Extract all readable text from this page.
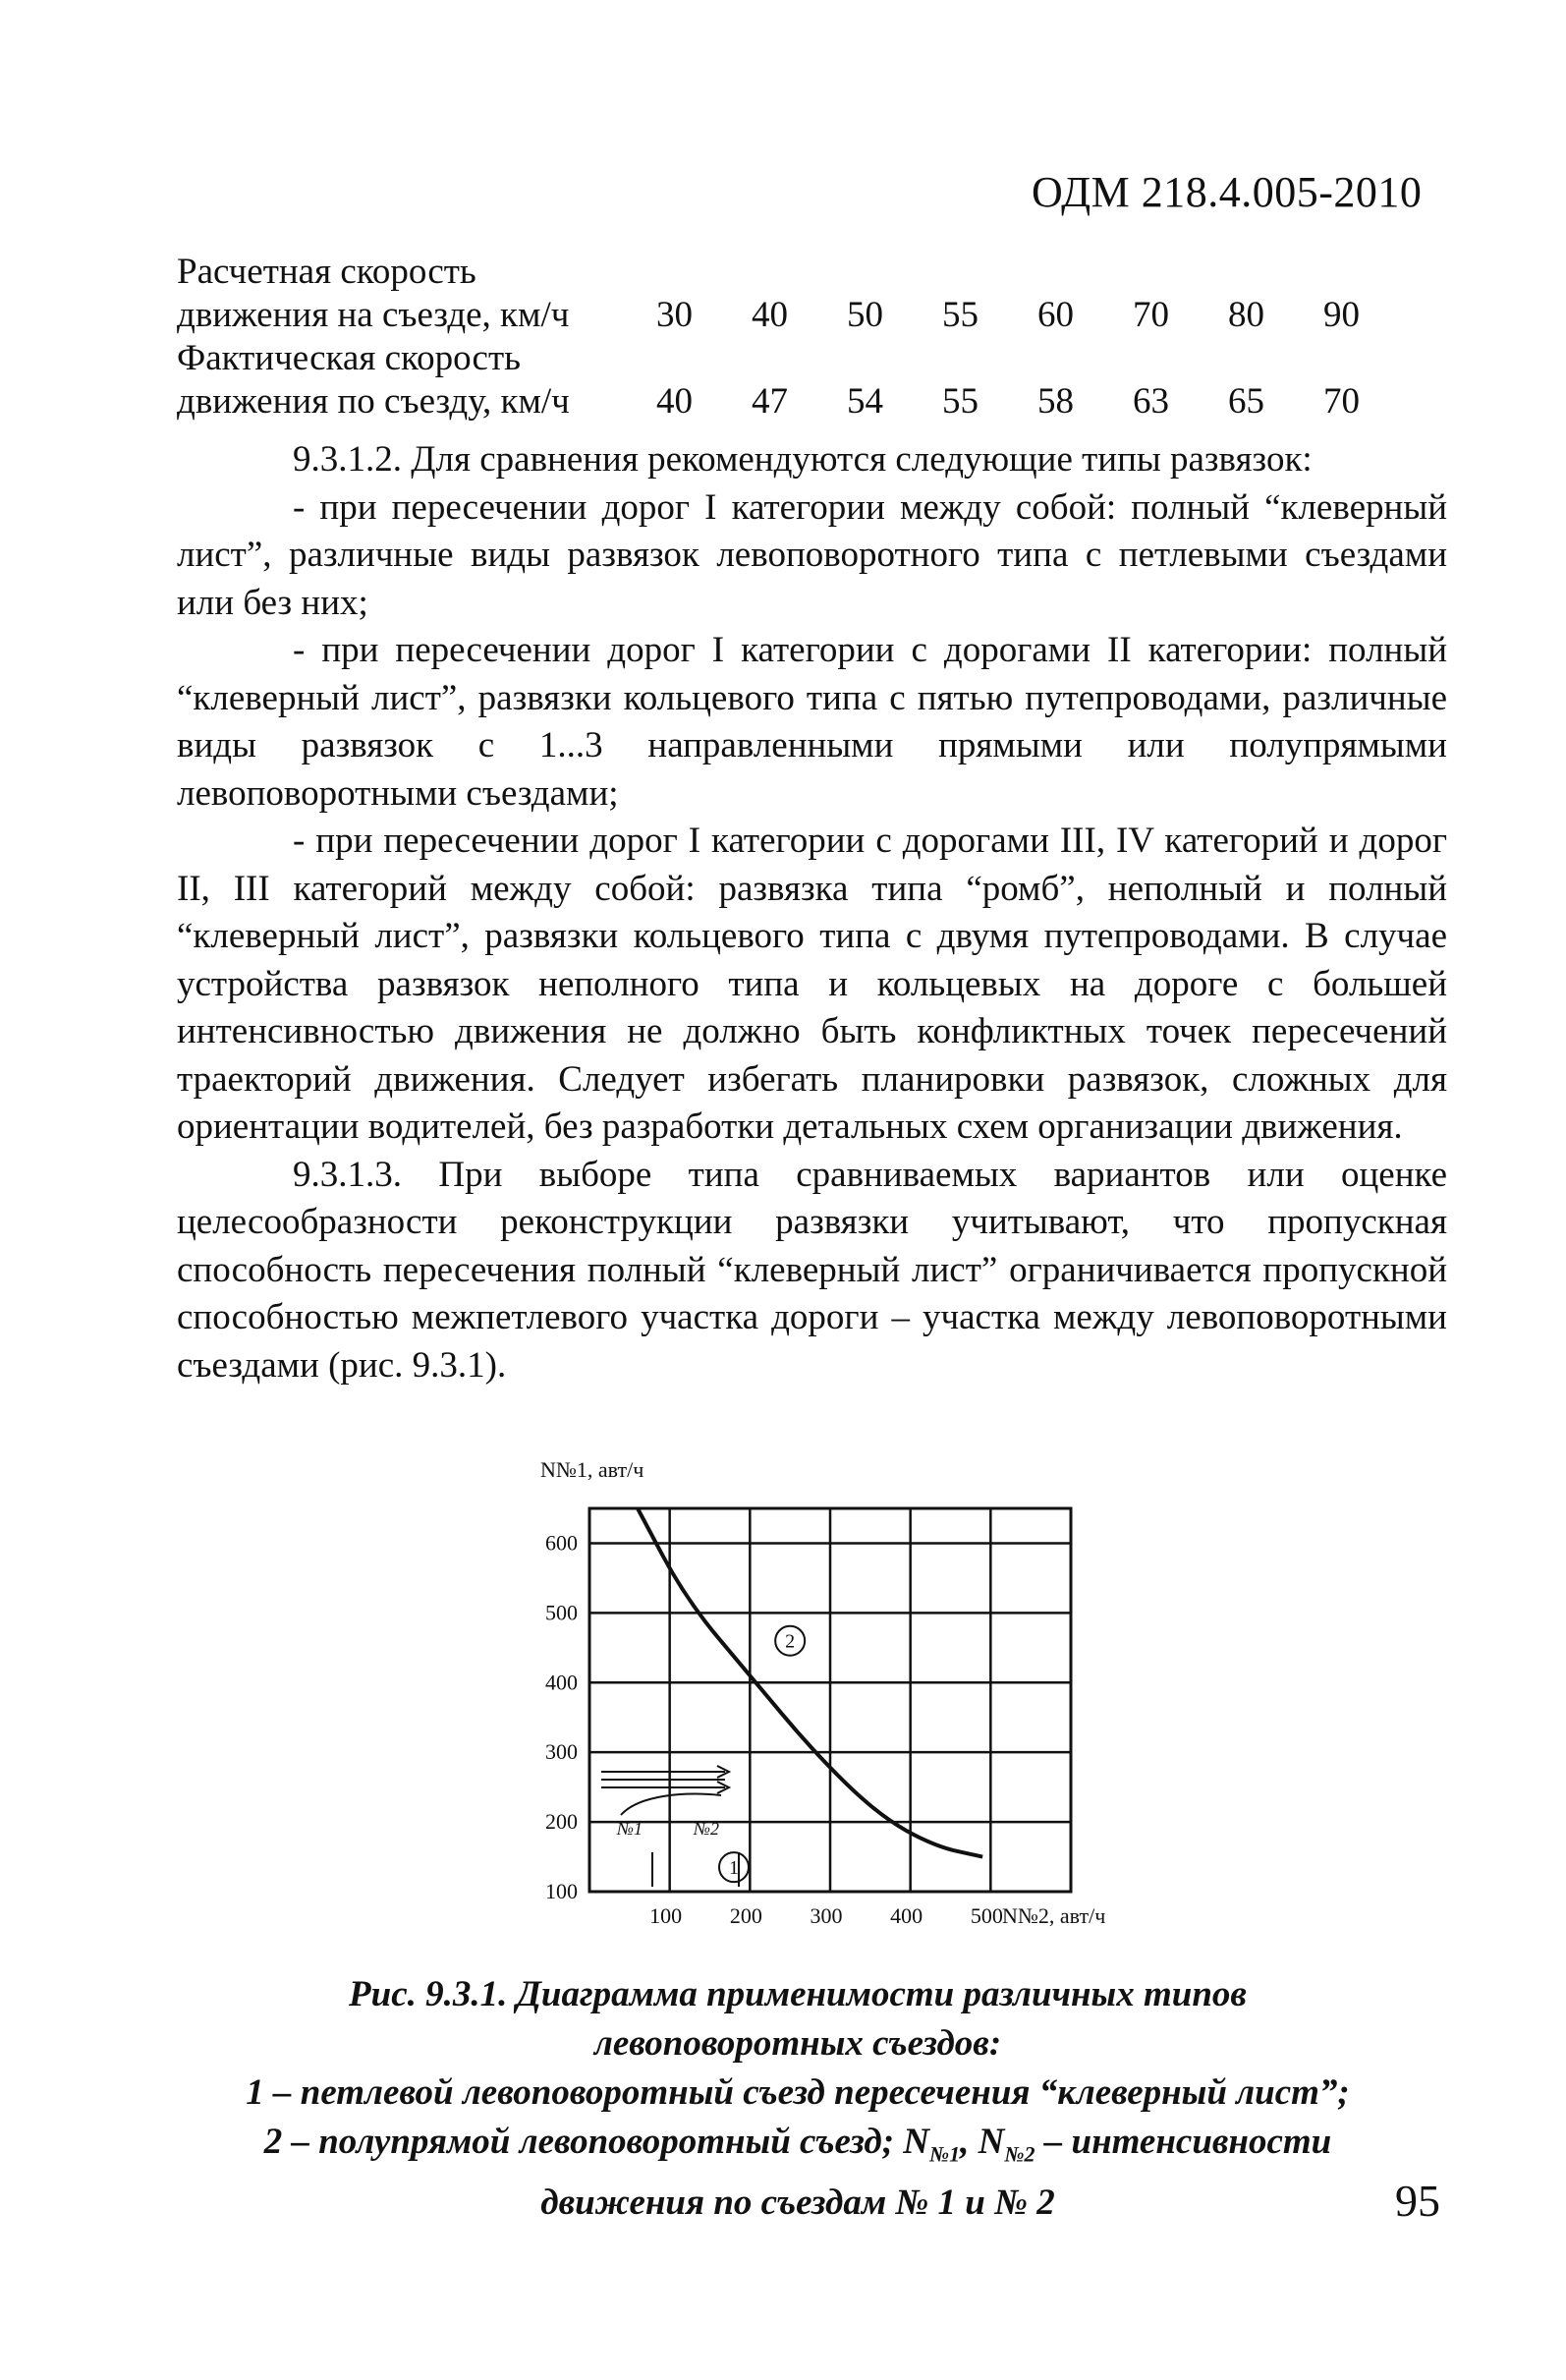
ОДМ 218.4.005-2010
Расчетная скорость								
движения на съезде, км/ч	30	40	50	55	60	70	80	90
Фактическая скорость								
движения по съезду, км/ч	40	47	54	55	58	63	65	70

9.3.1.2. Для сравнения рекомендуются следующие типы развязок:

- при пересечении дорог I категории между собой: полный “клеверный лист”, различные виды развязок левоповоротного типа с петлевыми съездами или без них;

- при пересечении дорог I категории с дорогами II категории: полный “клеверный лист”, развязки кольцевого типа с пятью путепроводами, различные виды развязок с 1...3 направленными прямыми или полупрямыми левоповоротными съездами;

- при пересечении дорог I категории с дорогами III, IV категорий и дорог II, III категорий между собой: развязка типа “ромб”, неполный и полный “клеверный лист”, развязки кольцевого типа с двумя путепроводами. В случае устройства развязок неполного типа и кольцевых на дороге с большей интенсивностью движения не должно быть конфликтных точек пересечений траекторий движения. Следует избегать планировки развязок, сложных для ориентации водителей, без разработки детальных схем организации движения.

9.3.1.3. При выборе типа сравниваемых вариантов или оценке целесообразности реконструкции развязки учитывают, что пропускная способность пересечения полный “клеверный лист” ограничивается пропускной способностью межпетлевого участка дороги – участка между левоповоротными съездами (рис. 9.3.1).

600
500
400
300
200
100
100 200 300 400 500
N№1, авт/ч
N№2, авт/ч
1
2
№1	№2
Рис. 9.3.1. Диаграмма применимости различных типов
левоповоротных съездов:
1 – петлевой левоповоротный съезд пересечения “клеверный лист”;
2 – полупрямой левоповоротный съезд; $N_{№1}$, $N_{№2}$ – интенсивности
движения по съездам № 1 и № 2	95
